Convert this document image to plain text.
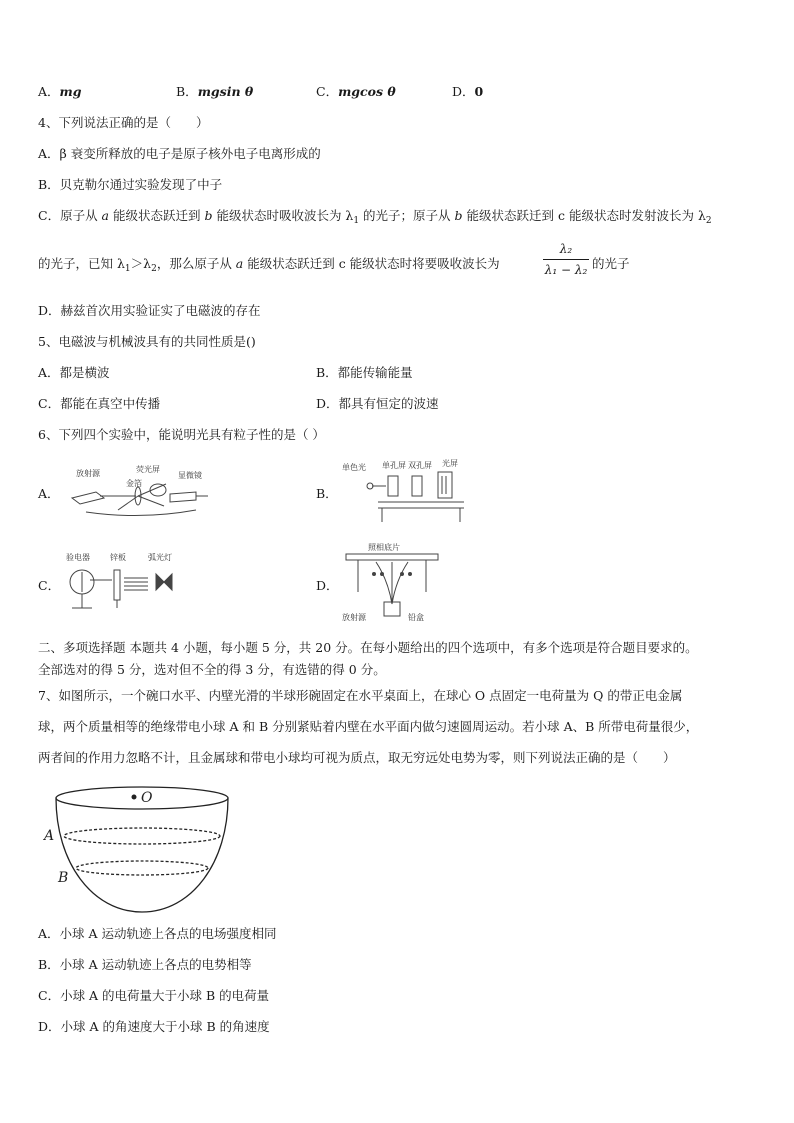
A．mg	B．mgsin θ	C．mgcos θ	D．0
4、下列说法正确的是（　　）
A．β 衰变所释放的电子是原子核外电子电离形成的
B．贝克勒尔通过实验发现了中子
C．原子从 a 能级状态跃迁到 b 能级状态时吸收波长为 $\lambda_1$ 的光子；原子从 b 能级状态跃迁到 c 能级状态时发射波长为 $\lambda_2$
的光子，已知 $\lambda_1>\lambda_2$，那么原子从 a 能级状态跃迁到 c 能级状态时将要吸收波长为
λ₂
λ₁ − λ₂ 的光子
D．赫兹首次用实验证实了电磁波的存在
5、电磁波与机械波具有的共同性质是()
A．都是横波	B．都能传输能量
C．都能在真空中传播	D．都具有恒定的波速
6、下列四个实验中，能说明光具有粒子性的是（ ）
A．
放射源	荧光屏
金箔
显微镜
B．
单色光 单孔屏 双孔屏 光屏
C．
验电器	锌板	弧光灯
D．
照相底片
放射源	铅盒
二、多项选择题 本题共 4 小题，每小题 5 分，共 20 分。在每小题给出的四个选项中，有多个选项是符合题目要求的。
全部选对的得 5 分，选对但不全的得 3 分，有选错的得 0 分。
7、如图所示，一个碗口水平、内壁光滑的半球形碗固定在水平桌面上，在球心 O 点固定一电荷量为 Q 的带正电金属
球，两个质量相等的绝缘带电小球 A 和 B 分别紧贴着内壁在水平面内做匀速圆周运动。若小球 A、B 所带电荷量很少，
两者间的作用力忽略不计，且金属球和带电小球均可视为质点，取无穷远处电势为零，则下列说法正确的是（　　）
O
A
B
A．小球 A 运动轨迹上各点的电场强度相同
B．小球 A 运动轨迹上各点的电势相等
C．小球 A 的电荷量大于小球 B 的电荷量
D．小球 A 的角速度大于小球 B 的角速度
